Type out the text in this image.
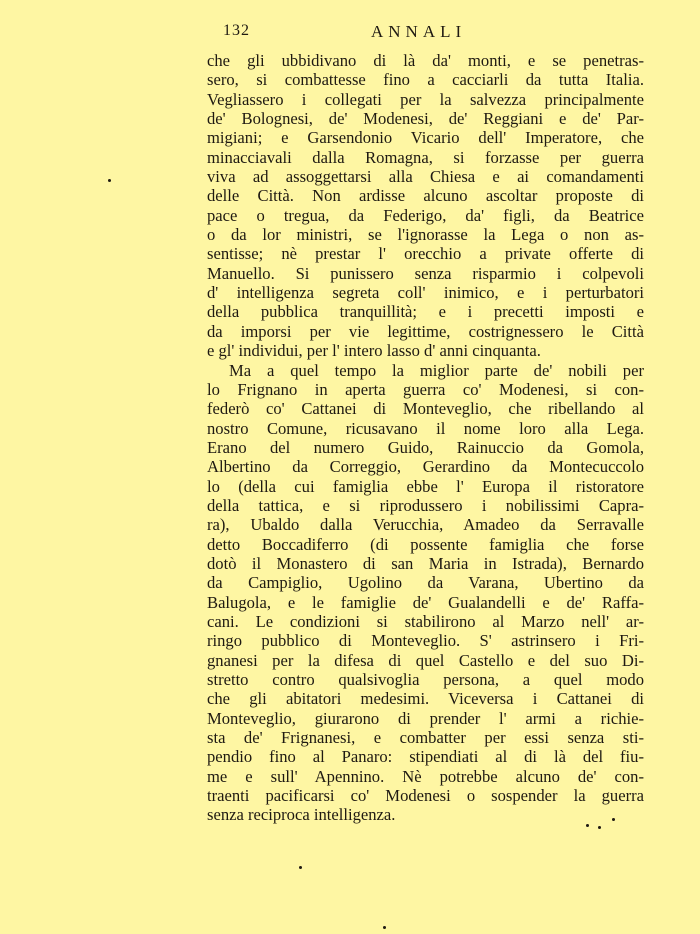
132	ANNALI
che gli ubbidivano di là da' monti, e se penetras-
sero, si combattesse fino a cacciarli da tutta Italia.
Vegliassero i collegati per la salvezza principalmente
de' Bolognesi, de' Modenesi, de' Reggiani e de' Par-
migiani; e Garsendonio Vicario dell' Imperatore, che
minacciavali dalla Romagna, si forzasse per guerra
viva ad assoggettarsi alla Chiesa e ai comandamenti
delle Città. Non ardisse alcuno ascoltar proposte di
pace o tregua, da Federigo, da' figli, da Beatrice
o da lor ministri, se l'ignorasse la Lega o non as-
sentisse; nè prestar l' orecchio a private offerte di
Manuello. Si punissero senza risparmio i colpevoli
d' intelligenza segreta coll' inimico, e i perturbatori
della pubblica tranquillità; e i precetti imposti e
da imporsi per vie legittime, costrignessero le Città
e gl' individui, per l' intero lasso d' anni cinquanta.
Ma a quel tempo la miglior parte de' nobili per
lo Frignano in aperta guerra co' Modenesi, si con-
federò co' Cattanei di Monteveglio, che ribellando al
nostro Comune, ricusavano il nome loro alla Lega.
Erano del numero Guido, Rainuccio da Gomola,
Albertino da Correggio, Gerardino da Montecuccolo
lo (della cui famiglia ebbe l' Europa il ristoratore
della tattica, e si riprodussero i nobilissimi Capra-
ra), Ubaldo dalla Verucchia, Amadeo da Serravalle
detto Boccadiferro (di possente famiglia che forse
dotò il Monastero di san Maria in Istrada), Bernardo
da Campiglio, Ugolino da Varana, Ubertino da
Balugola, e le famiglie de' Gualandelli e de' Raffa-
cani. Le condizioni si stabilirono al Marzo nell' ar-
ringo pubblico di Monteveglio. S' astrinsero i Fri-
gnanesi per la difesa di quel Castello e del suo Di-
stretto contro qualsivoglia persona, a quel modo
che gli abitatori medesimi. Viceversa i Cattanei di
Monteveglio, giurarono di prender l' armi a richie-
sta de' Frignanesi, e combatter per essi senza sti-
pendio fino al Panaro: stipendiati al di là del fiu-
me e sull' Apennino. Nè potrebbe alcuno de' con-
traenti pacificarsi co' Modenesi o sospender la guerra
senza reciproca intelligenza.
